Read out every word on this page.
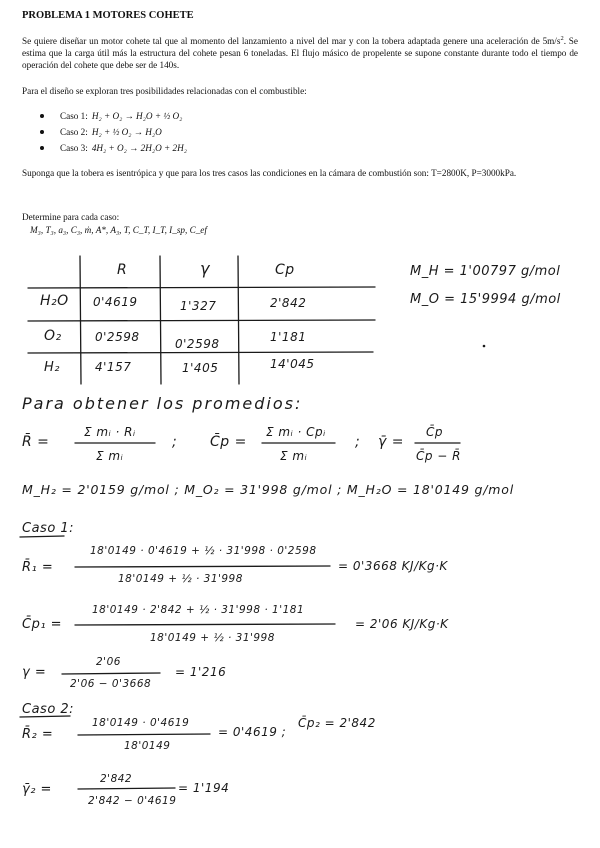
PROBLEMA 1 MOTORES COHETE
Se quiere diseñar un motor cohete tal que al momento del lanzamiento a nivel del mar y con la tobera adaptada genere una aceleración de $5m/s^2$. Se estima que la carga útil más la estructura del cohete pesan 6 toneladas. El flujo másico de propelente se supone constante durante todo el tiempo de operación del cohete que debe ser de 140s.
Para el diseño se exploran tres posibilidades relacionadas con el combustible:
Caso 1: H₂ + O₂ → H₂O + ½ O₂
Caso 2: H₂ + ½ O₂ → H₂O
Caso 3: 4H₂ + O₂ → 2H₂O + 2H₂
Suponga que la tobera es isentrópica y que para los tres casos las condiciones en la cámara de combustión son: T=2800K, P=3000kPa.
Determine para cada caso:
M₃, T₃, a₃, C₃, ṁ, A*, A₃, T, C_T, I_T, I_sp, C_ef
R	γ	Cp
H₂O 0'4619	1'327	2'842
O₂	0'2598	0'2598	1'181
H₂	4'157	1'405	14'045
M_H = 1'00797 g/mol
M_O = 15'9994 g/mol
Para obtener los promedios:
R̄ =
Σ mᵢ · Rᵢ
Σ mᵢ
; C̄p =
Σ mᵢ · Cpᵢ
Σ mᵢ
; γ̄ =
C̄p
C̄p − R̄
M_H₂ = 2'0159 g/mol ; M_O₂ = 31'998 g/mol ; M_H₂O = 18'0149 g/mol
Caso 1:
R̄₁ =
18'0149 · 0'4619 + ½ · 31'998 · 0'2598
18'0149 + ½ · 31'998
= 0'3668 KJ/Kg·K
C̄p₁ =
18'0149 · 2'842 + ½ · 31'998 · 1'181
18'0149 + ½ · 31'998
= 2'06 KJ/Kg·K
γ =
2'06
2'06 − 0'3668
= 1'216
Caso 2:
R̄₂ =
18'0149 · 0'4619
18'0149
= 0'4619 ;
C̄p₂ = 2'842
γ̄₂ =
2'842
2'842 − 0'4619
= 1'194
